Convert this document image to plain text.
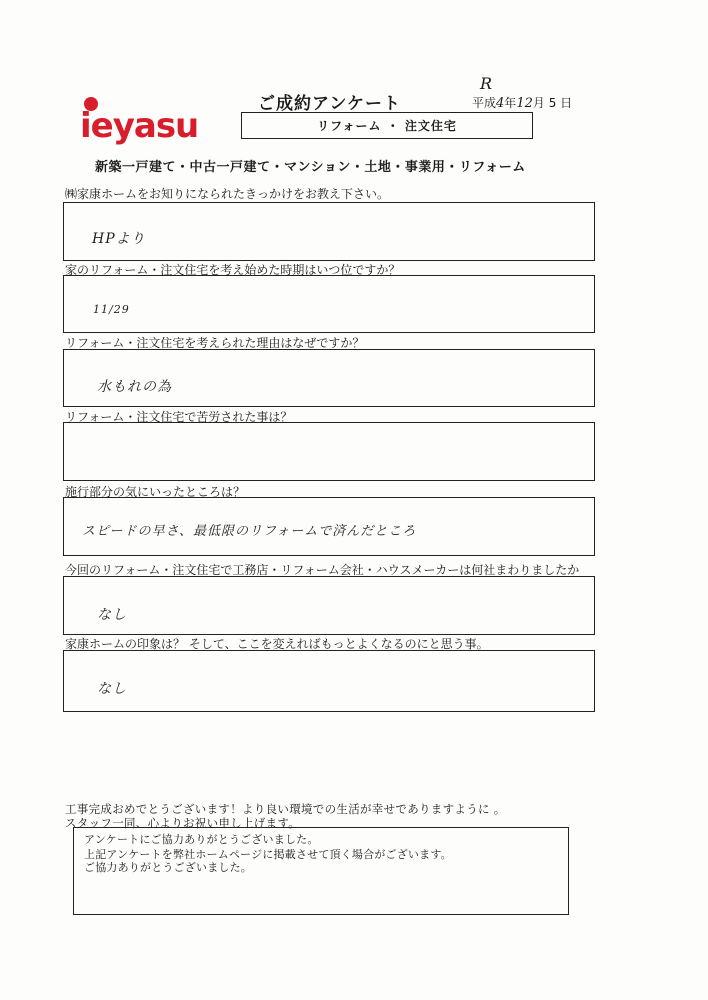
ieyasu
ご成約アンケート
R
平成4年12月 5 日
リフォーム ・ 注文住宅
新築一戸建て・中古一戸建て・マンション・土地・事業用・リフォーム
㈱家康ホームをお知りになられたきっかけをお教え下さい。
HPより
家のリフォーム・注文住宅を考え始めた時期はいつ位ですか？
11/29
リフォーム・注文住宅を考えられた理由はなぜですか？
水もれの為
リフォーム・注文住宅で苦労された事は？
施行部分の気にいったところは？
スピードの早さ、最低限のリフォームで済んだところ
今回のリフォーム・注文住宅で工務店・リフォーム会社・ハウスメーカーは何社まわりましたか
なし
家康ホームの印象は？ そして、ここを変えればもっとよくなるのにと思う事。
なし
工事完成おめでとうございます！より良い環境での生活が幸せでありますように 。
スタッフ一同、心よりお祝い申し上げます。
アンケートにご協力ありがとうございました。
上記アンケートを弊社ホームページに掲載させて頂く場合がございます。
ご協力ありがとうございました。
